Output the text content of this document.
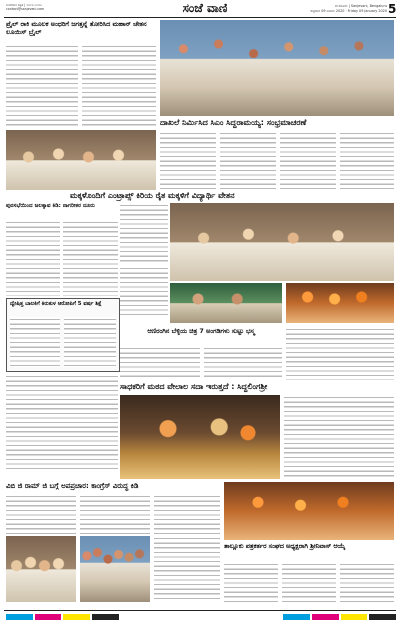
ಸಂಜೆವಾಣಿ ಪತ್ರಿಕೆ | ೦೮೦೮ ೭೦೫೨
contact@sanjevani.com	ಸಂಜೆ ವಾಣಿ	ಬೆಂಗಳೂರು | Sanjevani, Bengaluru
ಶುಕ್ರವಾರ 09 ಜನವರಿ 2020 · Friday 09 January 2020 5
ಪ್ರೈಲ್ ರಾಕಿ ಮೂಲಕ ಅಂಧರಿಗೆ ಜಗತ್ತನ್ನೆ ತೋರಿಸಿದ ಮಹಾನ್ ಚೇತನ ಲೂಯಿಸ್ ಬ್ರೈಲ್
ದಾಖಲೆ ನಿರ್ಮಿಸಿದ ಸಿಎಂ ಸಿದ್ದರಾಮಯ್ಯ: ಸಂಭ್ರಮಾಚರಣೆ
ಮಕ್ಕಳೊಂದಿಗೆ ಎಂಟ್ರಾಪ್ಸ್ ಕಿರಿಯ ರೈತ ಮಕ್ಕಳಿಗೆ ವಿದ್ಯಾರ್ಥಿ ವೇತನ
ಪುರಸಭೆಯಿಂದ ಜಲಕ್ಕಾವ ಕಿಡಿ: ನಾಗರೀಕರ ದೂರು
ದ್ವೇಷಿತ್ತ ಬಾಲಕಿಗೆ ಕಿರುಕುಳ ಆರೋಪಿಗೆ 5 ವರ್ಷ ಶಿಕ್ಷೆ
ಆಣಿರಂಗಿನ ಬೆಳ್ಳಿಯ ಚಿತ್ರ 7 ಅಂಗಡಿಗಳು ಸುಟ್ಟು ಭಸ್ಮ
ಸಾಧಕರಿಗೆ ಮಠದ ವೇಲಾಲ ಸದಾ ಇರುತ್ತದೆ : ಸಿದ್ದಲಿಂಗಶ್ರೀ
ವಿಬಿ ಜಿ ರಾಮ್ ಜಿ ಬಗ್ಗೆ ಅಪಪ್ರಚಾರ: ಕಾಂಗ್ರೆಸ್ ವಿರುದ್ಧ ಕಿಡಿ
ತಾಲ್ಲೂಕು ಪತ್ರಕರ್ತರ ಸಂಘದ ಅಧ್ಯಕ್ಷರಾಗಿ ಶ್ರೀನಿವಾಸ್ ಆಯ್ಕೆ
